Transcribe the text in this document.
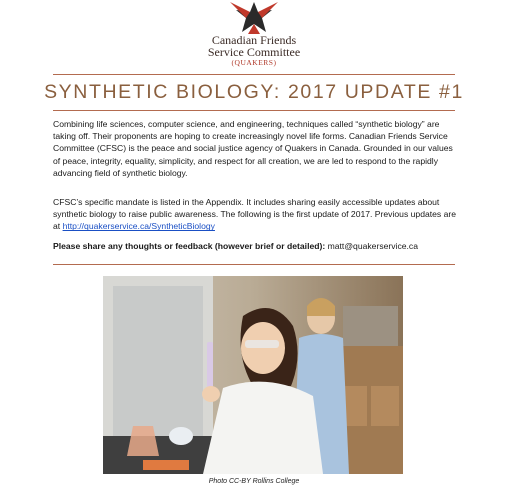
Canadian Friends
Service Committee
(QUAKERS)
SYNTHETIC BIOLOGY: 2017 UPDATE #1

Combining life sciences, computer science, and engineering, techniques called “synthetic biology” are taking off. Their proponents are hoping to create increasingly novel life forms. Canadian Friends Service Committee (CFSC) is the peace and social justice agency of Quakers in Canada. Grounded in our values of peace, integrity, equality, simplicity, and respect for all creation, we are led to respond to the rapidly advancing field of synthetic biology.

CFSC’s specific mandate is listed in the Appendix. It includes sharing easily accessible updates about synthetic biology to raise public awareness. The following is the first update of 2017. Previous updates are at http://quakerservice.ca/SyntheticBiology

Please share any thoughts or feedback (however brief or detailed): matt@quakerservice.ca

Photo CC-BY Rollins College
